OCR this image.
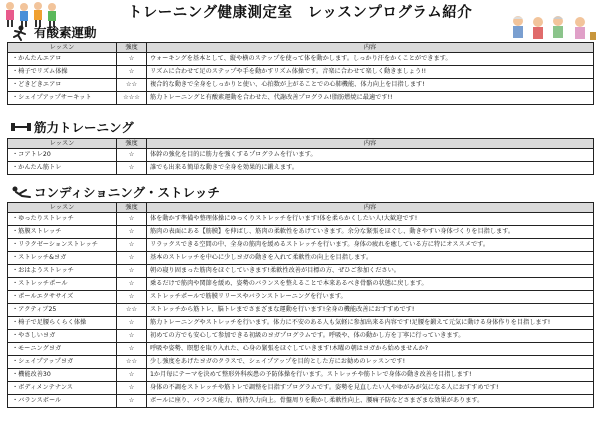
トレーニング健康測定室　レッスンプログラム紹介
有酸素運動
レッスン	強度	内容
・かんたんエアロ	☆	ウォーキングを基本として、縦や横のステップを使って体を動かします。しっかり汗をかくことができます。
・椅子でリズム体操	☆	リズムに合わせて足のステップや手を動かすリズム体操です。音楽に合わせて楽しく動きましょう!!
・どきどきエアロ	☆☆	複合的な動きで全身をしっかりと使い、心拍数が上がることでの心肺機能、体力向上を目指します!
・シェイプアップサーキット	☆☆☆	筋力トレーニングと有酸素運動を合わせた、代謝改善プログラム!脂肪燃焼に最適です!!
筋力トレーニング
レッスン	強度	内容
・コアトレ20	☆	体幹の強化を目的に筋力を強くするプログラムを行います。
・かんたん筋トレ	☆	誰でも出来る簡単な動きで全身を効果的に鍛えます。
コンディショニング・ストレッチ
レッスン	強度	内容
・ゆったりストレッチ	☆	体を動かす準備や整理体操にゆっくりストレッチを行います!体を柔らかくしたい人!大歓迎です!
・筋膜ストレッチ	☆	筋肉の表面にある【筋膜】を伸ばし、筋肉の柔軟性をあげていきます。余分な緊張をほぐし、動きやすい身体づくりを目指します。
・リラクゼーションストレッチ	☆	リラックスできる空間の中、全身の筋肉を緩めるストレッチを行います。身体の疲れを癒している方に特にオススメです。
・ストレッチ&ヨガ	☆	基本のストレッチを中心に少しヨガの動きを入れて柔軟性の向上を目指します。
・おはようストレッチ	☆	朝の寝り固まった筋肉をほぐしていきます!柔軟性改善が目標の方、ぜひご参加ください。
・ストレッチポール	☆	乗るだけで筋肉や関節を緩め、姿勢のバランスを整えることで本来あるべき骨骼の状態に戻します。
・ポールエクササイズ	☆	ストレッチポールで筋膜リリースやバランストレーニングを行います。
・アクティブ25	☆☆	ストレッチから筋トレ、脳トレまでさまざまな運動を行います!全身の機能改善におすすめです!
・椅子で足腰らくらく体操	☆	筋力トレーニングやストレッチを行います。体力に不安のある人も気軽に参加出来る内容です!足腰を鍛えて元気に動ける身体作りを目指します!
・やさしいヨガ	☆	初めての方でも安心して参加できる初級のヨガプログラムです。呼吸や、体の動かし方を丁寧に行っていきます。
・モーニングヨガ	☆	呼吸や姿勢、瞑想を取り入れた、心身の緊張をほぐしていきます!木曜の朝はヨガから始めませんか?
・シェイプアップヨガ	☆☆	少し強度をあげたヨガのクラスで、シェイプアップを目的とした方にお勧めのレッスンです!
・機能改善30	☆	1か月毎にテーマを決めて整形外科疾患の予防体操を行います。ストレッチや筋トレで身体の動き改善を目指します!
・ボディメンテナンス	☆	身体の不調をストレッチや筋トレで調整を目指すプログラムです。姿勢を見直したい人やゆがみが気になる人におすすめです!
・バランスボール	☆	ボールに座り、バランス能力、筋持久力向上。骨盤周りを動かし柔軟性向上、腰痛予防などさまざまな効果があります。
